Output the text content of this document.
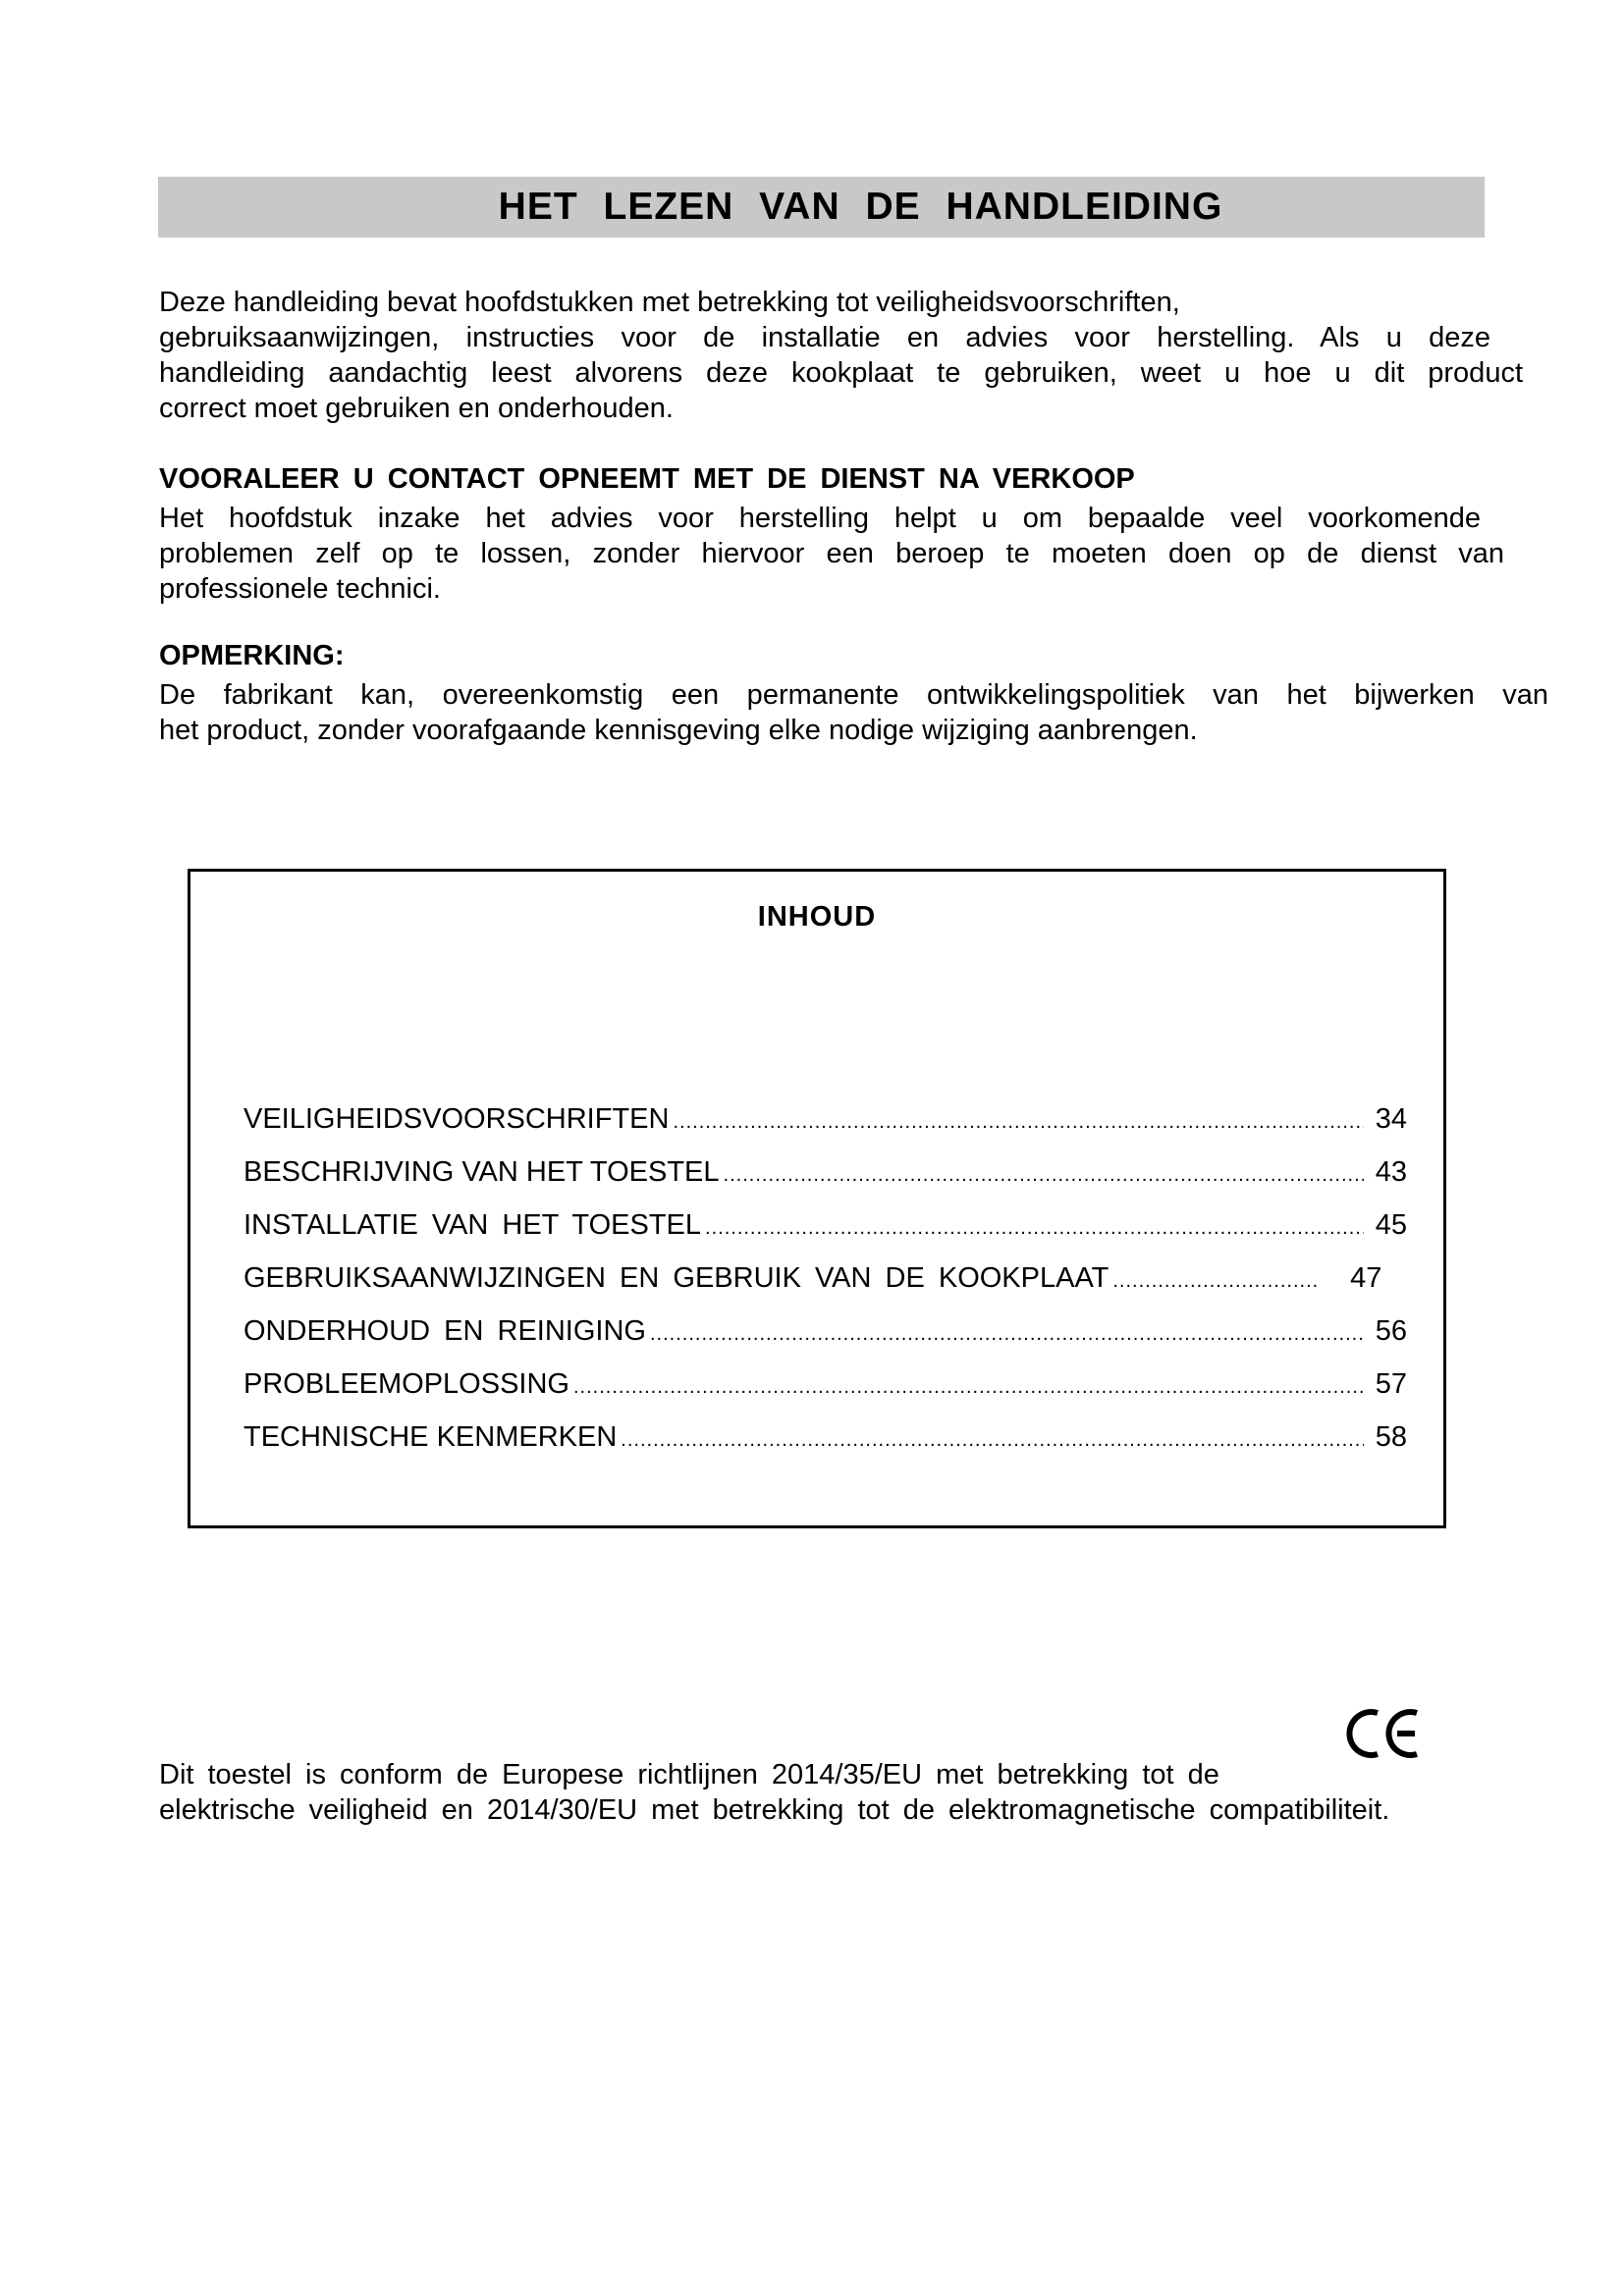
HET LEZEN VAN DE HANDLEIDING
Deze handleiding bevat hoofdstukken met betrekking tot veiligheidsvoorschriften,
gebruiksaanwijzingen, instructies voor de installatie en advies voor herstelling. Als u deze
handleiding aandachtig leest alvorens deze kookplaat te gebruiken, weet u hoe u dit product
correct moet gebruiken en onderhouden.
VOORALEER U CONTACT OPNEEMT MET DE DIENST NA VERKOOP
Het hoofdstuk inzake het advies voor herstelling helpt u om bepaalde veel voorkomende
problemen zelf op te lossen, zonder hiervoor een beroep te moeten doen op de dienst van
professionele technici.
OPMERKING:
De fabrikant kan, overeenkomstig een permanente ontwikkelingspolitiek van het bijwerken van
het product, zonder voorafgaande kennisgeving elke nodige wijziging aanbrengen.
INHOUD
VEILIGHEIDSVOORSCHRIFTEN .....	34
BESCHRIJVING VAN HET TOESTEL .....	43
INSTALLATIE VAN HET TOESTEL .....	45
GEBRUIKSAANWIJZINGEN EN GEBRUIK VAN DE KOOKPLAAT .....	47
ONDERHOUD EN REINIGING .....	56
PROBLEEMOPLOSSING .....	57
TECHNISCHE KENMERKEN .....	58
Dit toestel is conform de Europese richtlijnen 2014/35/EU met betrekking tot de
elektrische veiligheid en 2014/30/EU met betrekking tot de elektromagnetische compatibiliteit.
